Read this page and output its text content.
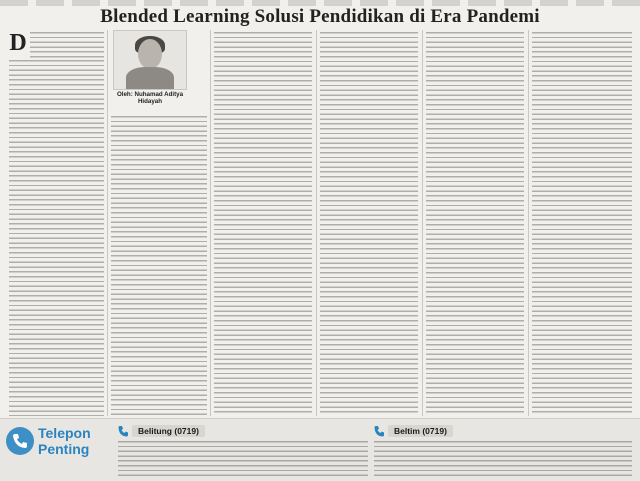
Blended Learning Solusi Pendidikan di Era Pandemi
D
Oleh: Nuhamad Aditya Hidayah
Telepon
Penting
Belitung (0719)	Beltim (0719)
